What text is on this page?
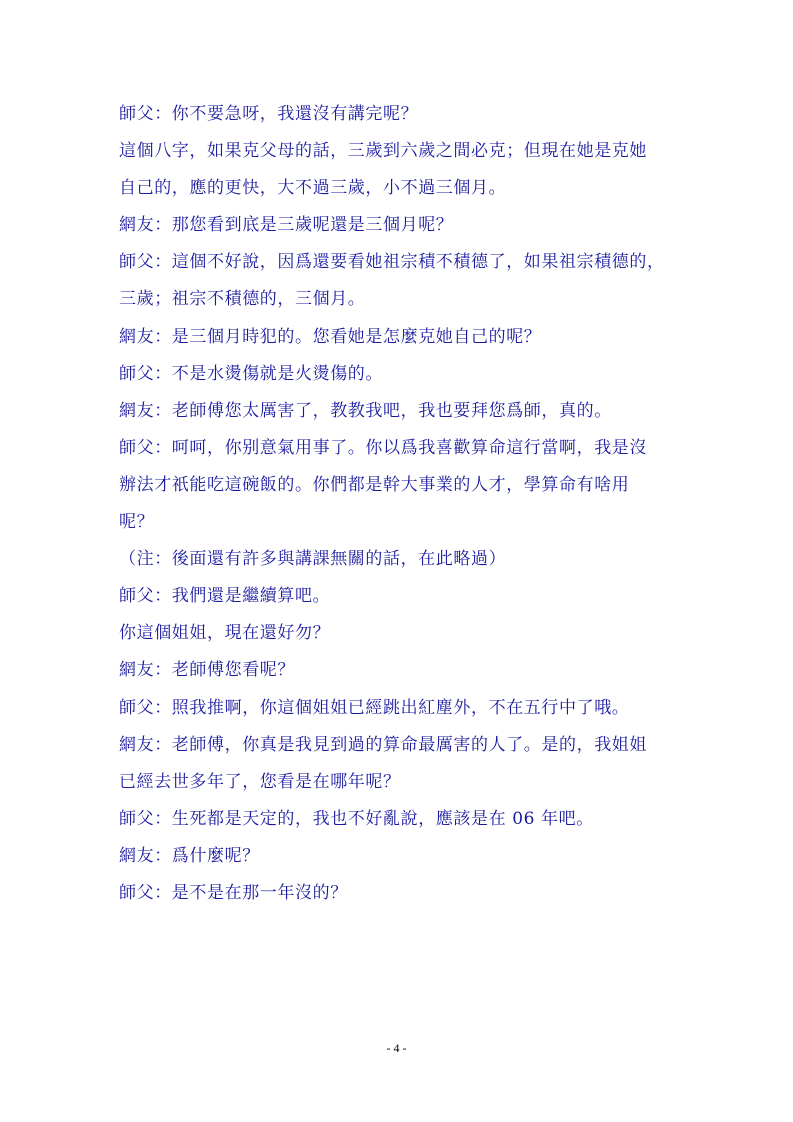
師父：你不要急呀，我還沒有講完呢？
這個八字，如果克父母的話，三歲到六歲之間必克；但現在她是克她
自己的，應的更快，大不過三歲，小不過三個月。
網友：那您看到底是三歲呢還是三個月呢？
師父：這個不好說，因爲還要看她祖宗積不積德了，如果祖宗積德的，
三歲；祖宗不積德的，三個月。
網友：是三個月時犯的。您看她是怎麼克她自己的呢？
師父：不是水燙傷就是火燙傷的。
網友：老師傅您太厲害了，教教我吧，我也要拜您爲師，真的。
師父：呵呵，你别意氣用事了。你以爲我喜歡算命這行當啊，我是沒
辦法才祇能吃這碗飯的。你們都是幹大事業的人才，學算命有啥用
呢？
（注：後面還有許多與講課無關的話，在此略過）
師父：我們還是繼續算吧。
你這個姐姐，現在還好勿？
網友：老師傅您看呢？
師父：照我推啊，你這個姐姐已經跳出紅塵外，不在五行中了哦。
網友：老師傅，你真是我見到過的算命最厲害的人了。是的，我姐姐
已經去世多年了，您看是在哪年呢？
師父：生死都是天定的，我也不好亂說，應該是在 06 年吧。
網友：爲什麼呢？
師父：是不是在那一年沒的？
- 4 -
